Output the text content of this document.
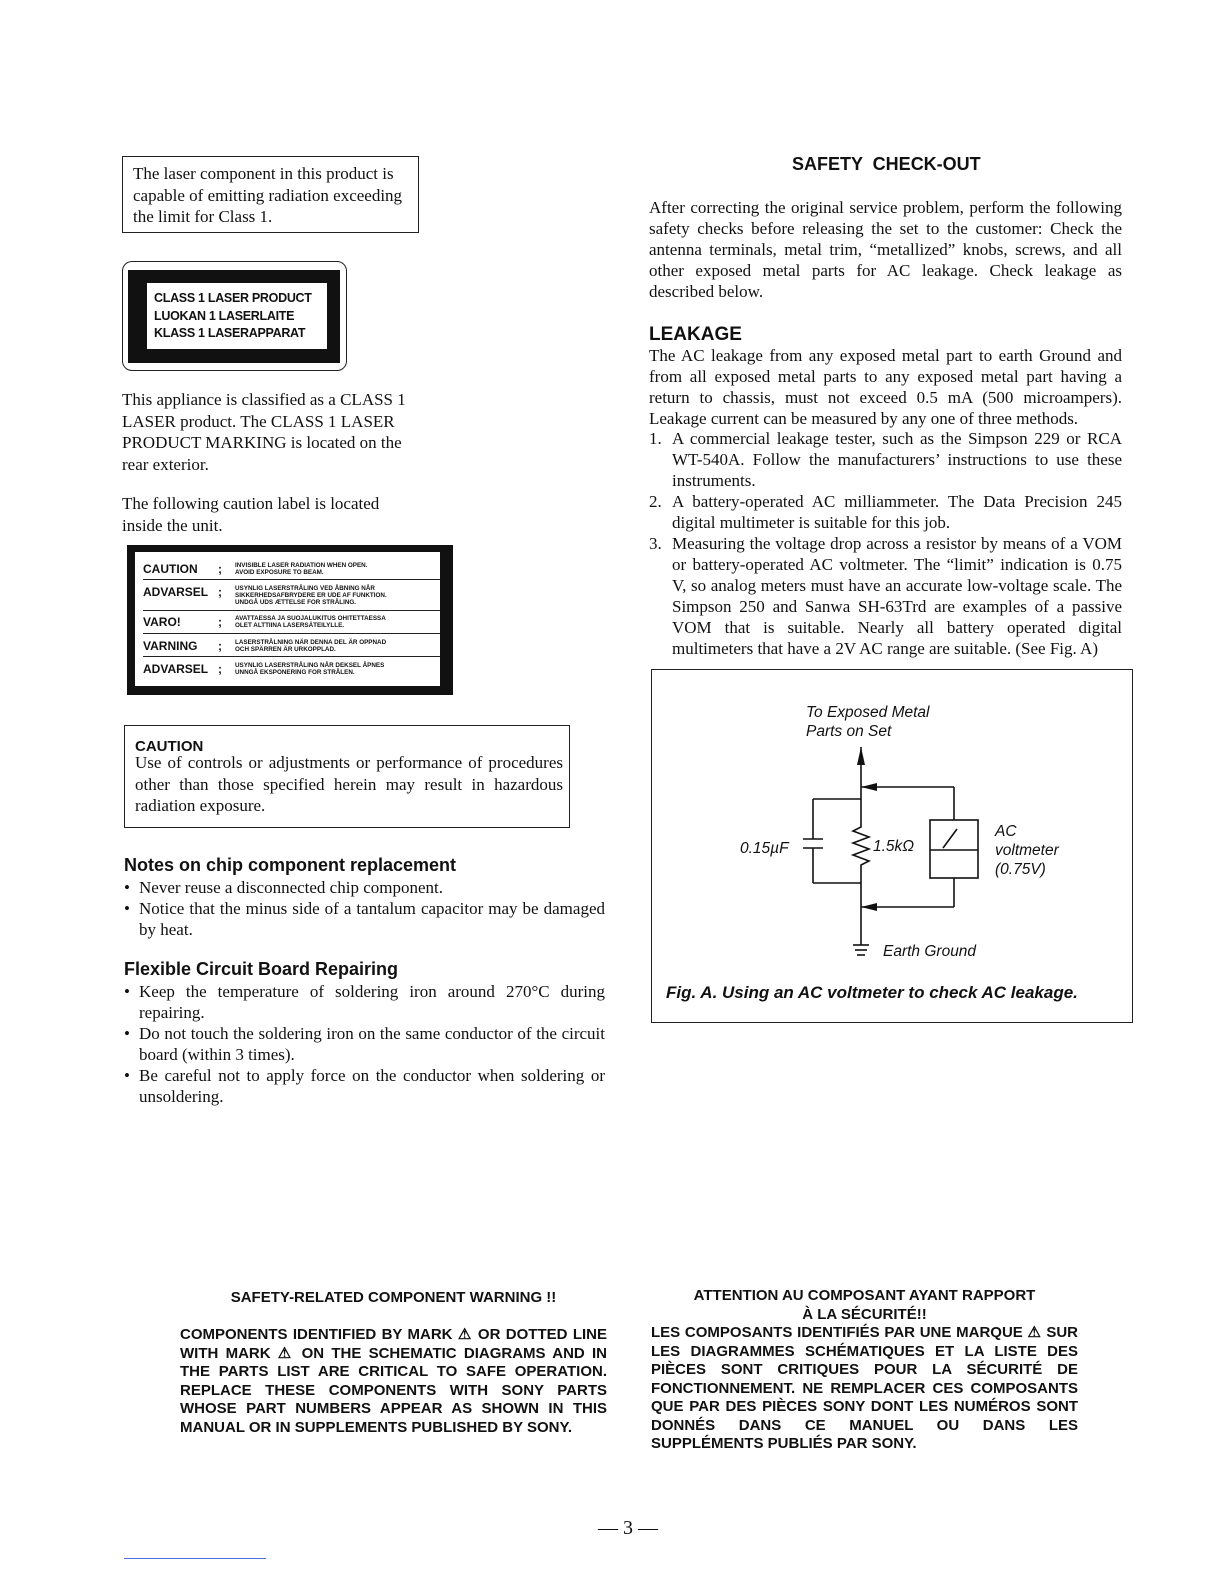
The laser component in this product is
capable of emitting radiation exceeding
the limit for Class 1.
CLASS 1 LASER PRODUCT
LUOKAN 1 LASERLAITE
KLASS 1 LASERAPPARAT
This appliance is classified as a CLASS 1
LASER product. The CLASS 1 LASER
PRODUCT MARKING is located on the
rear exterior.
The following caution label is located
inside the unit.
CAUTION ; INVISIBLE LASER RADIATION WHEN OPEN.
AVOID EXPOSURE TO BEAM.
ADVARSEL ; USYNLIG LASERSTRÅLING VED ÅBNING NÅR
SIKKERHEDSAFBRYDERE ER UDE AF FUNKTION.
UNDGÅ UDS ÆTTELSE FOR STRÅLING.
VARO!	; AVATTAESSA JA SUOJALUKITUS OHITETTAESSA
OLET ALTTIINA LASERSÄTEILYLLE.
VARNING ; LASERSTRÅLNING NÄR DENNA DEL ÄR OPPNAD
OCH SPÄRREN ÄR URKOPPLAD.
ADVARSEL ; USYNLIG LASERSTRÅLING NÅR DEKSEL ÅPNES
UNNGÅ EKSPONERING FOR STRÅLEN.
CAUTION
Use of controls or adjustments or performance of procedures other than those specified herein may result in hazardous radiation exposure.
Notes on chip component replacement
• Never reuse a disconnected chip component.
• Notice that the minus side of a tantalum capacitor may be damaged by heat.
Flexible Circuit Board Repairing
• Keep the temperature of soldering iron around 270°C during repairing.
• Do not touch the soldering iron on the same conductor of the circuit board (within 3 times).
• Be careful not to apply force on the conductor when soldering or unsoldering.
SAFETY  CHECK-OUT
After correcting the original service problem, perform the following safety checks before releasing the set to the customer: Check the antenna terminals, metal trim, “metallized” knobs, screws, and all other exposed metal parts for AC leakage. Check leakage as described below.
LEAKAGE
The AC leakage from any exposed metal part to earth Ground and from all exposed metal parts to any exposed metal part having a return to chassis, must not exceed 0.5 mA (500 microampers). Leakage current can be measured by any one of three methods.
1. A commercial leakage tester, such as the Simpson 229 or RCA WT-540A. Follow the manufacturers’ instructions to use these instruments.
2. A battery-operated AC milliammeter. The Data Precision 245 digital multimeter is suitable for this job.
3. Measuring the voltage drop across a resistor by means of a VOM or battery-operated AC voltmeter. The “limit” indication is 0.75 V, so analog meters must have an accurate low-voltage scale. The Simpson 250 and Sanwa SH-63Trd are examples of a passive VOM that is suitable. Nearly all battery operated digital multimeters that have a 2V AC range are suitable. (See Fig. A)
To Exposed Metal
Parts on Set
0.15µF	1.5kΩ
AC
voltmeter
(0.75V)
Earth Ground
Fig. A. Using an AC voltmeter to check AC leakage.
SAFETY-RELATED COMPONENT WARNING !!
COMPONENTS IDENTIFIED BY MARK ⚠ OR DOTTED LINE WITH MARK ⚠ ON THE SCHEMATIC DIAGRAMS AND IN THE PARTS LIST ARE CRITICAL TO SAFE OPERATION. REPLACE THESE COMPONENTS WITH SONY PARTS WHOSE PART NUMBERS APPEAR AS SHOWN IN THIS MANUAL OR IN SUPPLEMENTS PUBLISHED BY SONY.
ATTENTION AU COMPOSANT AYANT RAPPORT
À LA SÉCURITÉ!!
LES COMPOSANTS IDENTIFIÉS PAR UNE MARQUE ⚠ SUR LES DIAGRAMMES SCHÉMATIQUES ET LA LISTE DES PIÈCES SONT CRITIQUES POUR LA SÉCURITÉ DE FONCTIONNEMENT. NE REMPLACER CES COMPOSANTS QUE PAR DES PIÈCES SONY DONT LES NUMÉROS SONT DONNÉS DANS CE MANUEL OU DANS LES SUPPLÉMENTS PUBLIÉS PAR SONY.
— 3 —
